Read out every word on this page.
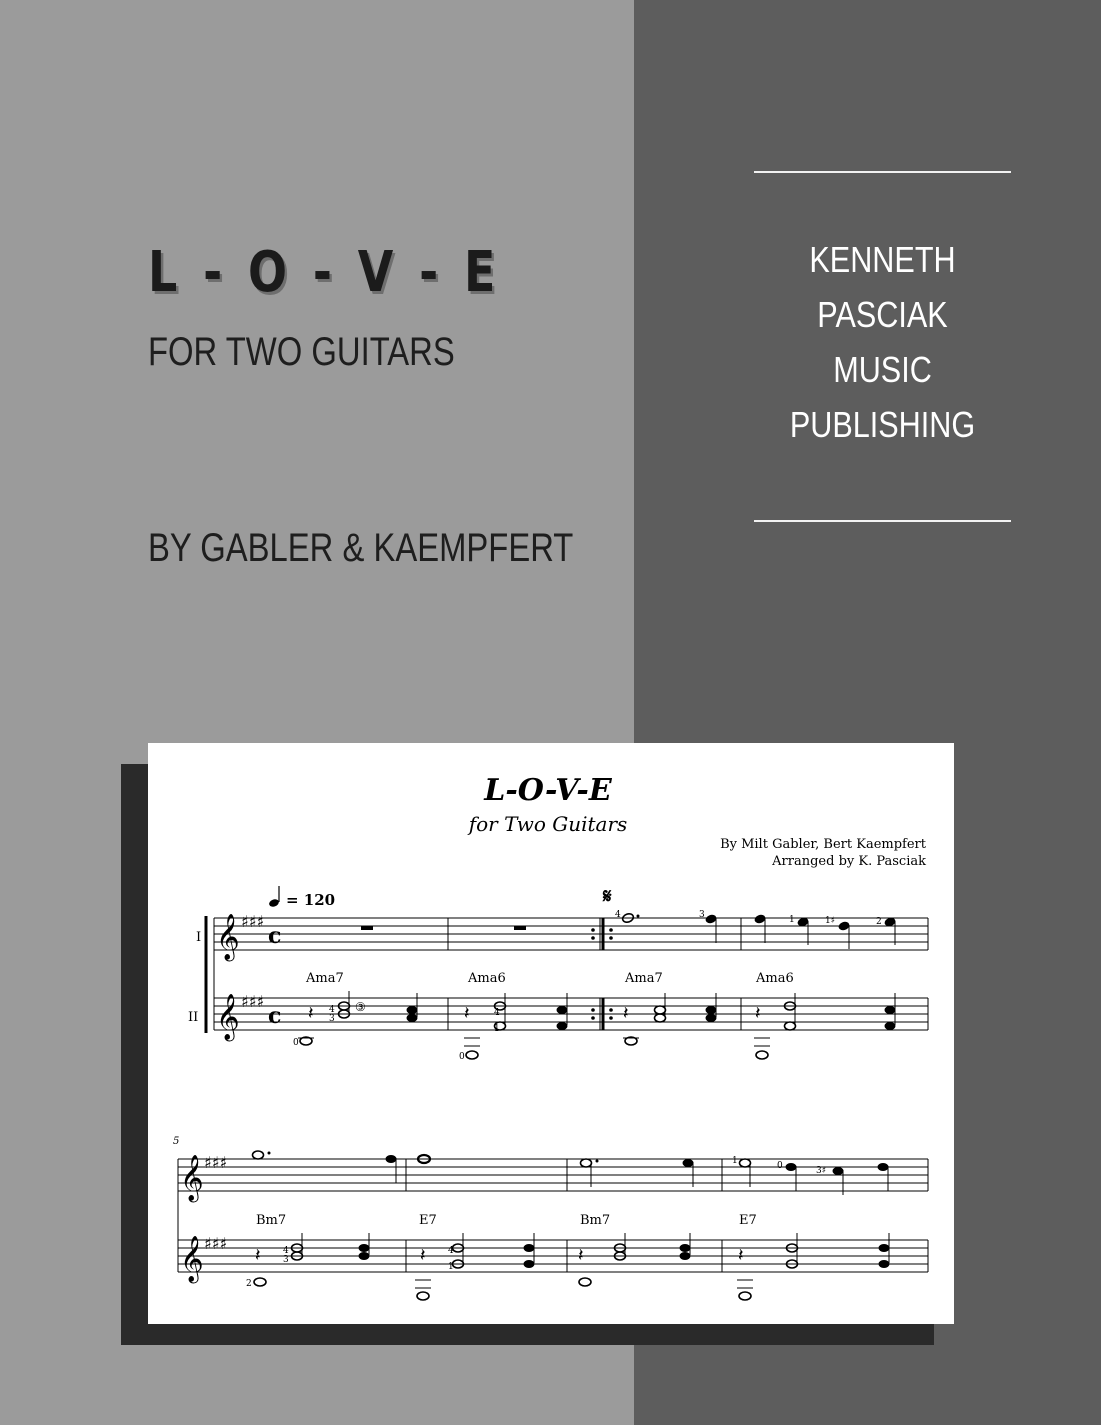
L - O - V - E
FOR TWO GUITARS
BY GABLER & KAEMPFERT
KENNETH
PASCIAK
MUSIC
PUBLISHING
L-O-V-E
for Two Guitars
By Milt Gabler, Bert Kaempfert
Arranged by K. Pasciak
= 120	𝄋
I
II
𝄞
𝄞
♯♯♯
♯♯♯
c
c
4	3	1	1♯	2
Ama7	Ama6	Ama7	Ama6
𝄽 4
3
③
0
𝄽	4
1
0
𝄽	𝄽
5
𝄞
𝄞
♯♯♯
♯♯♯
1	0	3♯
Bm7	E7	Bm7	E7
𝄽 4
3
2
𝄽 4
1
𝄽	𝄽
